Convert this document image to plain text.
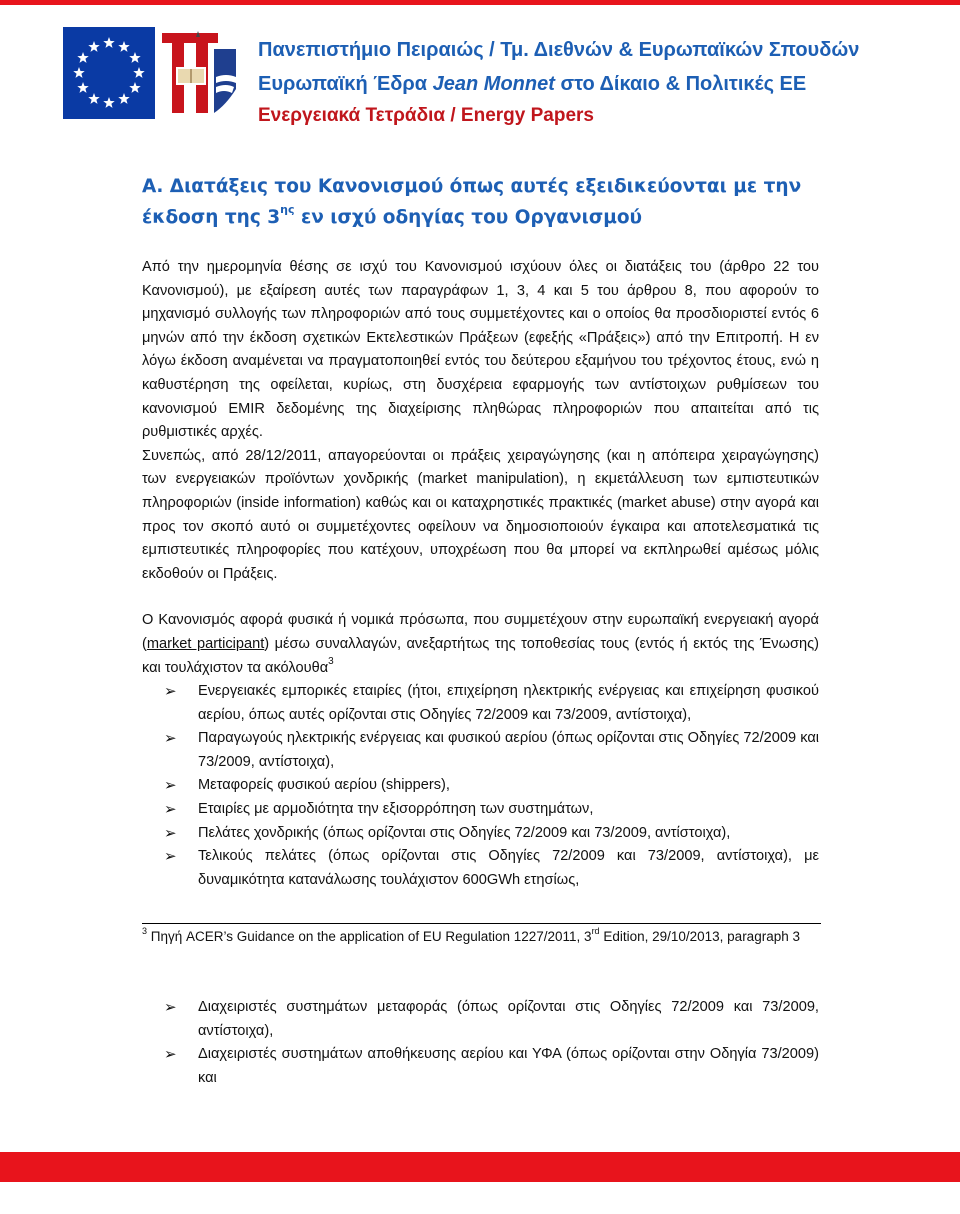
Πανεπιστήμιο Πειραιώς / Τμ. Διεθνών & Ευρωπαϊκών Σπουδών
Ευρωπαϊκή Έδρα Jean Monnet στο Δίκαιο & Πολιτικές ΕΕ
Ενεργειακά Τετράδια / Energy Papers
Α. Διατάξεις του Κανονισμού όπως αυτές εξειδικεύονται με την έκδοση της $3^{\eta\varsigma}$ εν ισχύ οδηγίας του Οργανισμού

Από την ημερομηνία θέσης σε ισχύ του Κανονισμού ισχύουν όλες οι διατάξεις του (άρθρο 22 του Κανονισμού), με εξαίρεση αυτές των παραγράφων 1, 3, 4 και 5 του άρθρου 8, που αφορούν το μηχανισμό συλλογής των πληροφοριών από τους συμμετέχοντες και ο οποίος θα προσδιοριστεί εντός 6 μηνών από την έκδοση σχετικών Εκτελεστικών Πράξεων (εφεξής «Πράξεις») από την Επιτροπή. Η εν λόγω έκδοση αναμένεται να πραγματοποιηθεί εντός του δεύτερου εξαμήνου του τρέχοντος έτους, ενώ η καθυστέρηση της οφείλεται, κυρίως, στη δυσχέρεια εφαρμογής των αντίστοιχων ρυθμίσεων του κανονισμού EMIR δεδομένης της διαχείρισης πληθώρας πληροφοριών που απαιτείται από τις ρυθμιστικές αρχές.

Συνεπώς, από 28/12/2011, απαγορεύονται οι πράξεις χειραγώγησης (και η απόπειρα χειραγώγησης) των ενεργειακών προϊόντων χονδρικής (market manipulation), η εκμετάλλευση των εμπιστευτικών πληροφοριών (inside information) καθώς και οι καταχρηστικές πρακτικές (market abuse) στην αγορά και προς τον σκοπό αυτό οι συμμετέχοντες οφείλουν να δημοσιοποιούν έγκαιρα και αποτελεσματικά τις εμπιστευτικές πληροφορίες που κατέχουν, υποχρέωση που θα μπορεί να εκπληρωθεί αμέσως μόλις εκδοθούν οι Πράξεις.

Ο Κανονισμός αφορά φυσικά ή νομικά πρόσωπα, που συμμετέχουν στην ευρωπαϊκή ενεργειακή αγορά (market participant) μέσω συναλλαγών, ανεξαρτήτως της τοποθεσίας τους (εντός ή εκτός της Ένωσης) και τουλάχιστον τα ακόλουθα$^3$

➢ Ενεργειακές εμπορικές εταιρίες (ήτοι, επιχείρηση ηλεκτρικής ενέργειας και επιχείρηση φυσικού αερίου, όπως αυτές ορίζονται στις Οδηγίες 72/2009 και 73/2009, αντίστοιχα),
➢ Παραγωγούς ηλεκτρικής ενέργειας και φυσικού αερίου (όπως ορίζονται στις Οδηγίες 72/2009 και 73/2009, αντίστοιχα),
➢ Μεταφορείς φυσικού αερίου (shippers),
➢ Εταιρίες με αρμοδιότητα την εξισορρόπηση των συστημάτων,
➢ Πελάτες χονδρικής (όπως ορίζονται στις Οδηγίες 72/2009 και 73/2009, αντίστοιχα),
➢ Τελικούς πελάτες (όπως ορίζονται στις Οδηγίες 72/2009 και 73/2009, αντίστοιχα), με δυναμικότητα κατανάλωσης τουλάχιστον 600GWh ετησίως,
$^3$ Πηγή ACER’s Guidance on the application of EU Regulation 1227/2011, 3rd Edition, 29/10/2013, paragraph 3
➢ Διαχειριστές συστημάτων μεταφοράς (όπως ορίζονται στις Οδηγίες 72/2009 και 73/2009, αντίστοιχα),
➢ Διαχειριστές συστημάτων αποθήκευσης αερίου και ΥΦΑ (όπως ορίζονται στην Οδηγία 73/2009) και
